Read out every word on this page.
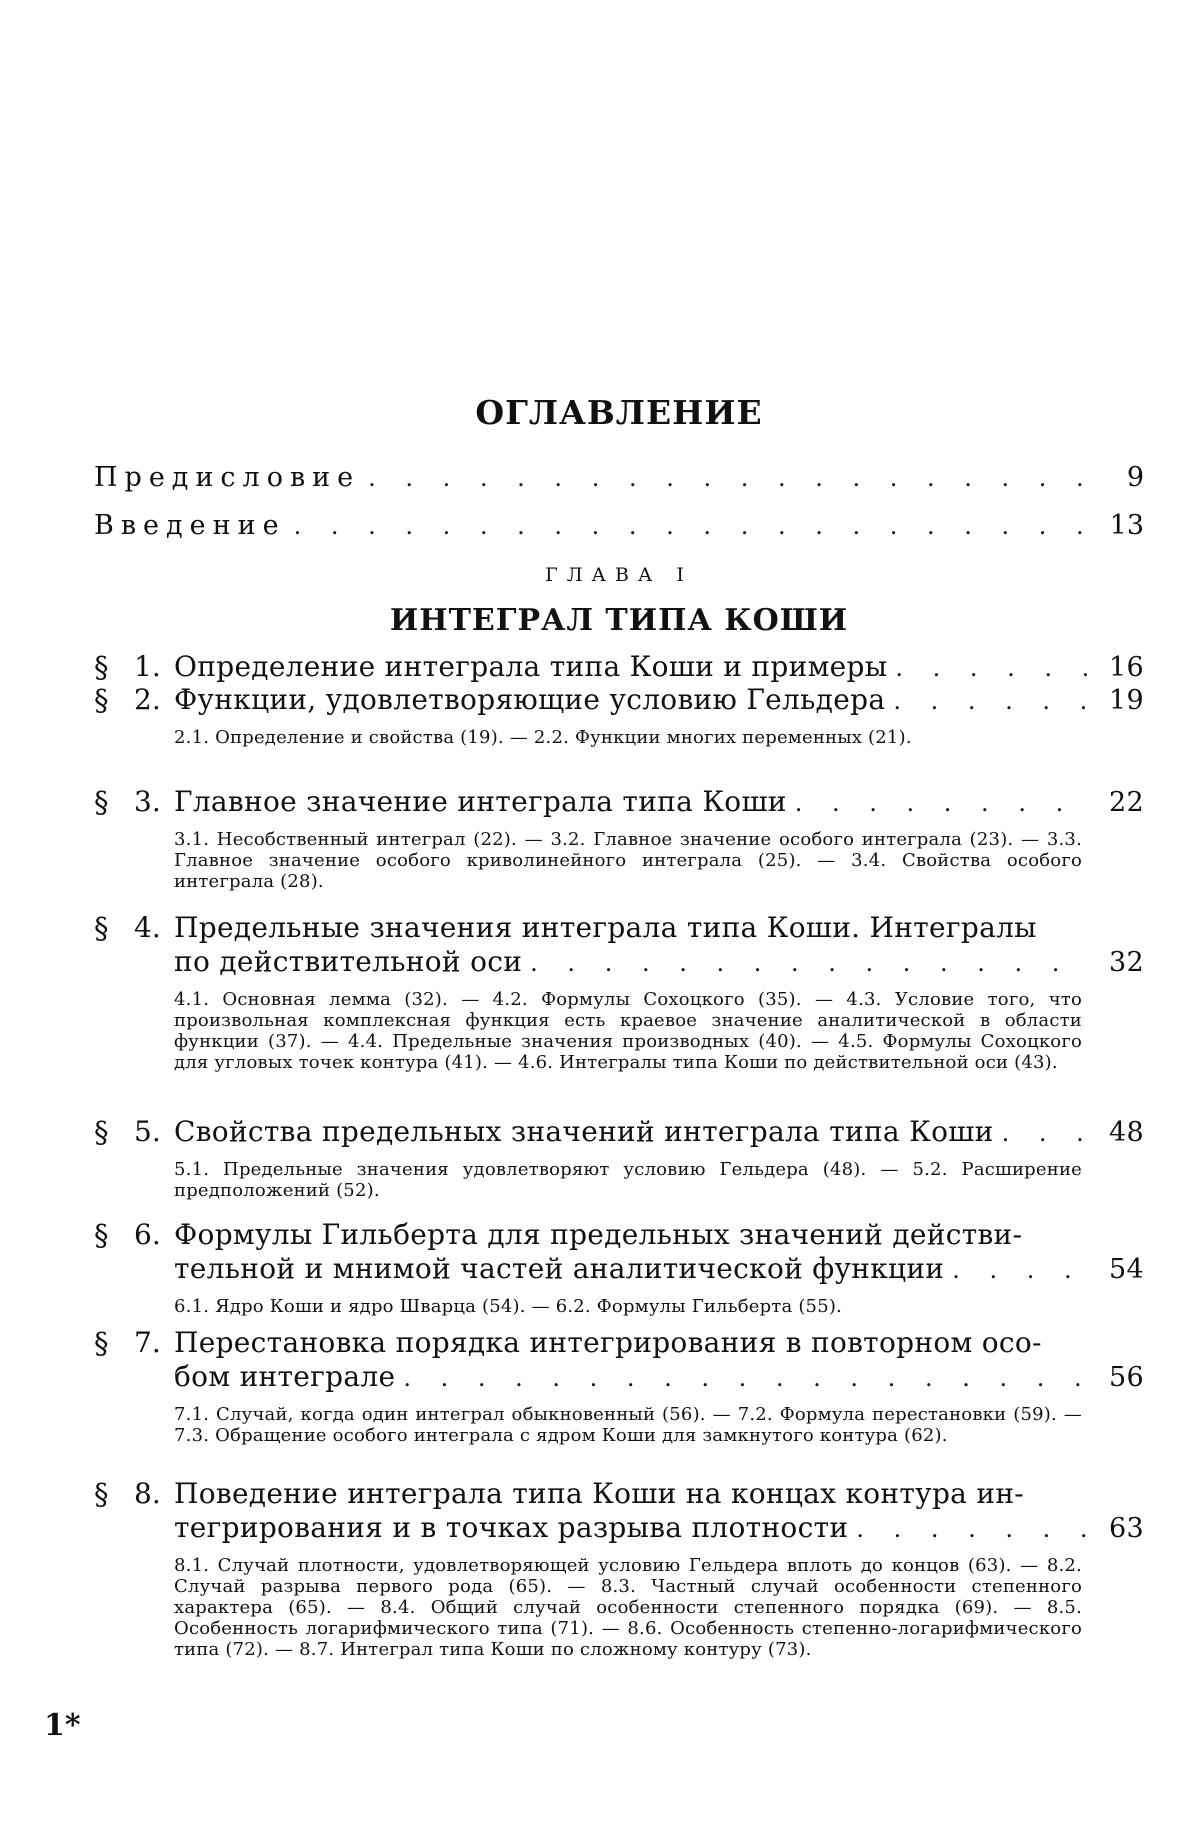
ОГЛАВЛЕНИЕ
Предисловие . . .	9
Введение . . .	13
ГЛАВА I
ИНТЕГРАЛ ТИПА КОШИ
§ 1. Определение интеграла типа Коши и примеры . . .	16
§ 2. Функции, удовлетворяющие условию Гельдера . . .	19
2.1. Определение и свойства (19). — 2.2. Функции многих переменных (21).
§ 3. Главное значение интеграла типа Коши . . .	22
3.1. Несобственный интеграл (22). — 3.2. Главное значение особого интеграла (23). — 3.3. Главное значение особого криволинейного интеграла (25). — 3.4. Свойства особого интеграла (28).
§ 4. Предельные значения интеграла типа Коши. Интегралы
по действительной оси . . .	32
4.1. Основная лемма (32). — 4.2. Формулы Сохоцкого (35). — 4.3. Условие того, что произвольная комплексная функция есть краевое значение аналитической в области функции (37). — 4.4. Предельные значения производных (40). — 4.5. Формулы Сохоцкого для угловых точек контура (41). — 4.6. Интегралы типа Коши по действительной оси (43).
§ 5. Свойства предельных значений интеграла типа Коши . . .	48
5.1. Предельные значения удовлетворяют условию Гельдера (48). — 5.2. Расширение предположений (52).
§ 6. Формулы Гильберта для предельных значений действи-
тельной и мнимой частей аналитической функции . . .	54
6.1. Ядро Коши и ядро Шварца (54). — 6.2. Формулы Гильберта (55).
§ 7. Перестановка порядка интегрирования в повторном осо-
бом интеграле . . .	56
7.1. Случай, когда один интеграл обыкновенный (56). — 7.2. Формула перестановки (59). — 7.3. Обращение особого интеграла с ядром Коши для замкнутого контура (62).
§ 8. Поведение интеграла типа Коши на концах контура ин-
тегрирования и в точках разрыва плотности . . .	63
8.1. Случай плотности, удовлетворяющей условию Гельдера вплоть до концов (63). — 8.2. Случай разрыва первого рода (65). — 8.3. Частный случай особенности степенного характера (65). — 8.4. Общий случай особенности степенного порядка (69). — 8.5. Особенность логарифмического типа (71). — 8.6. Особенность степенно-логарифмического типа (72). — 8.7. Интеграл типа Коши по сложному контуру (73).
1*
